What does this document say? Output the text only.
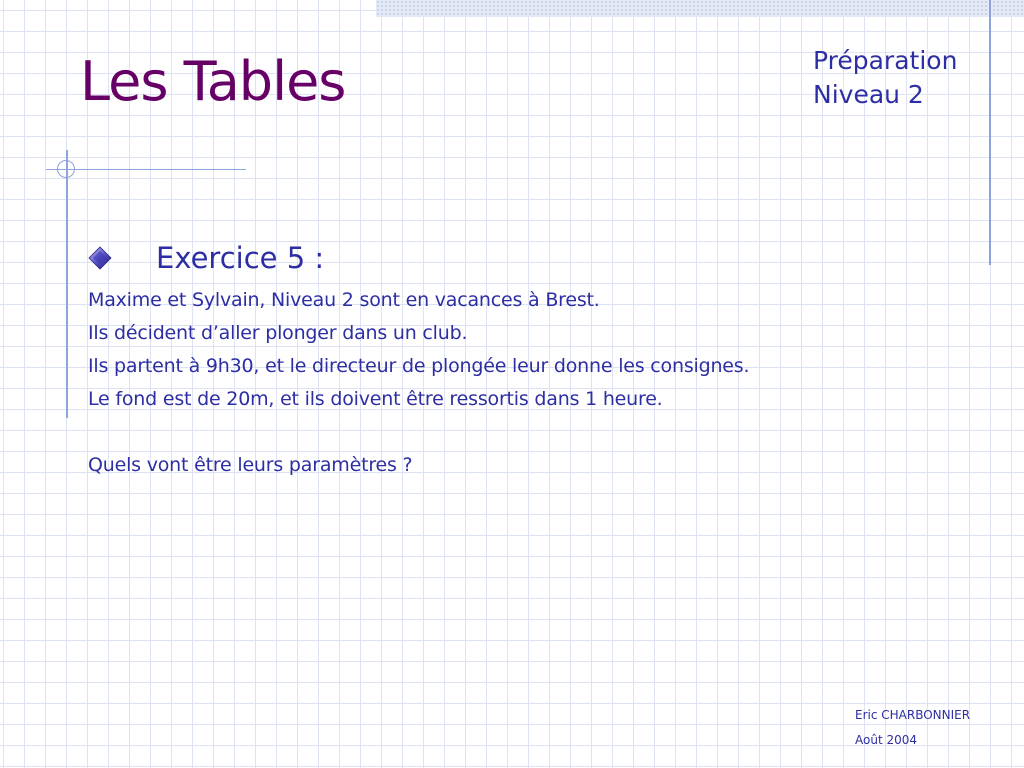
Les Tables	Préparation
Niveau 2
Exercice 5 :
Maxime et Sylvain, Niveau 2 sont en vacances à Brest.
Ils décident d’aller plonger dans un club.
Ils partent à 9h30, et le directeur de plongée leur donne les consignes.
Le fond est de 20m, et ils doivent être ressortis dans 1 heure.
Quels vont être leurs paramètres ?
Eric CHARBONNIER
Août 2004
